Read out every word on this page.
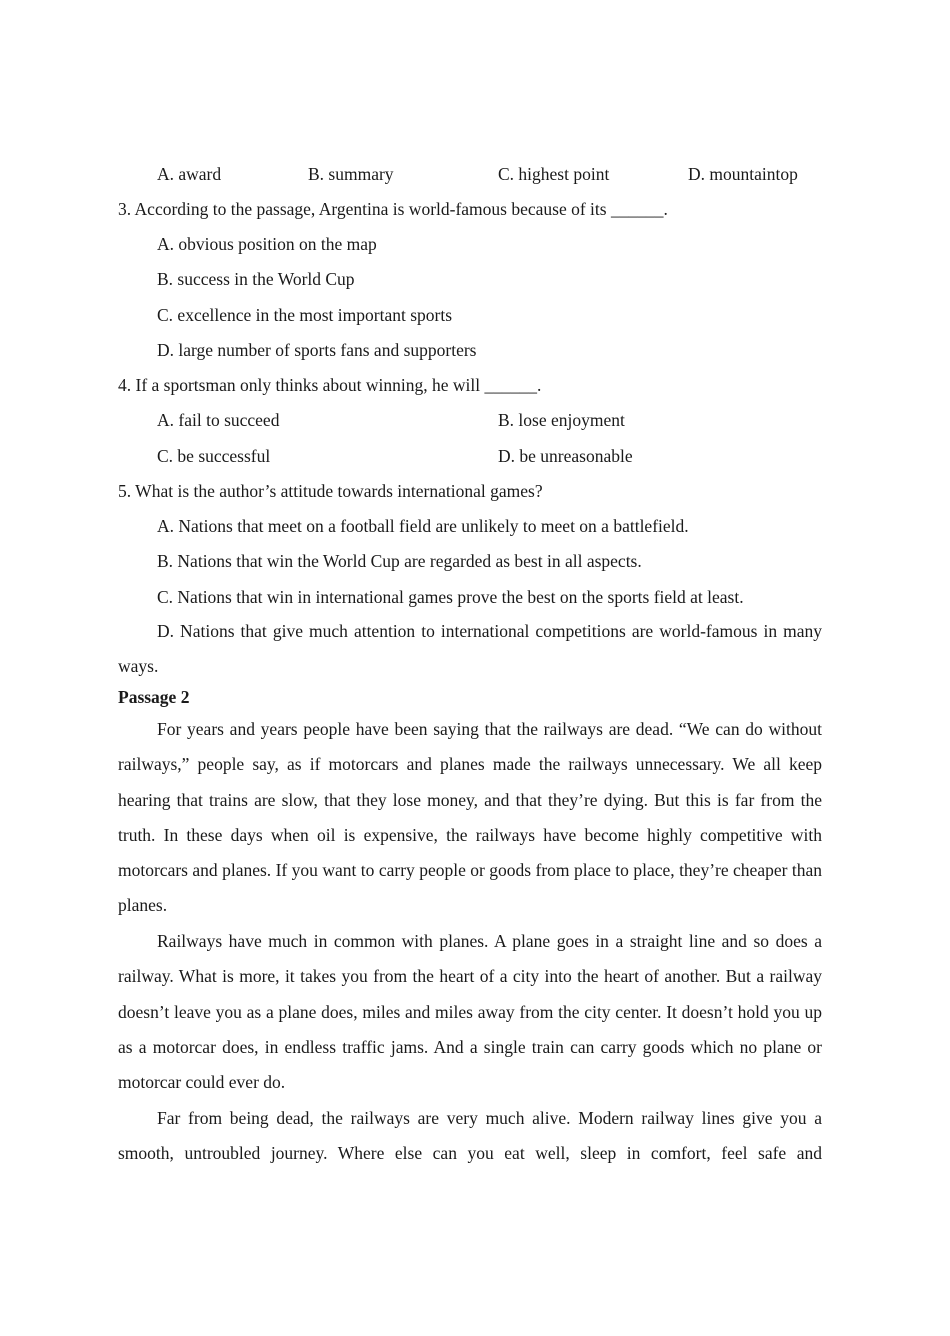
A. award	B. summary	C. highest point	D. mountaintop
3. According to the passage, Argentina is world-famous because of its ______.
A. obvious position on the map
B. success in the World Cup
C. excellence in the most important sports
D. large number of sports fans and supporters
4. If a sportsman only thinks about winning, he will ______.
A. fail to succeed	B. lose enjoyment
C. be successful	D. be unreasonable
5. What is the author’s attitude towards international games?
A. Nations that meet on a football field are unlikely to meet on a battlefield.
B. Nations that win the World Cup are regarded as best in all aspects.
C. Nations that win in international games prove the best on the sports field at least.
D. Nations that give much attention to international competitions are world-famous in many ways.
Passage 2
For years and years people have been saying that the railways are dead. “We can do without railways,” people say, as if motorcars and planes made the railways unnecessary. We all keep hearing that trains are slow, that they lose money, and that they’re dying. But this is far from the truth. In these days when oil is expensive, the railways have become highly competitive with motorcars and planes. If you want to carry people or goods from place to place, they’re cheaper than planes.
Railways have much in common with planes. A plane goes in a straight line and so does a railway. What is more, it takes you from the heart of a city into the heart of another. But a railway doesn’t leave you as a plane does, miles and miles away from the city center. It doesn’t hold you up as a motorcar does, in endless traffic jams. And a single train can carry goods which no plane or motorcar could ever do.
Far from being dead, the railways are very much alive. Modern railway lines give you a smooth, untroubled journey. Where else can you eat well, sleep in comfort, feel safe and
